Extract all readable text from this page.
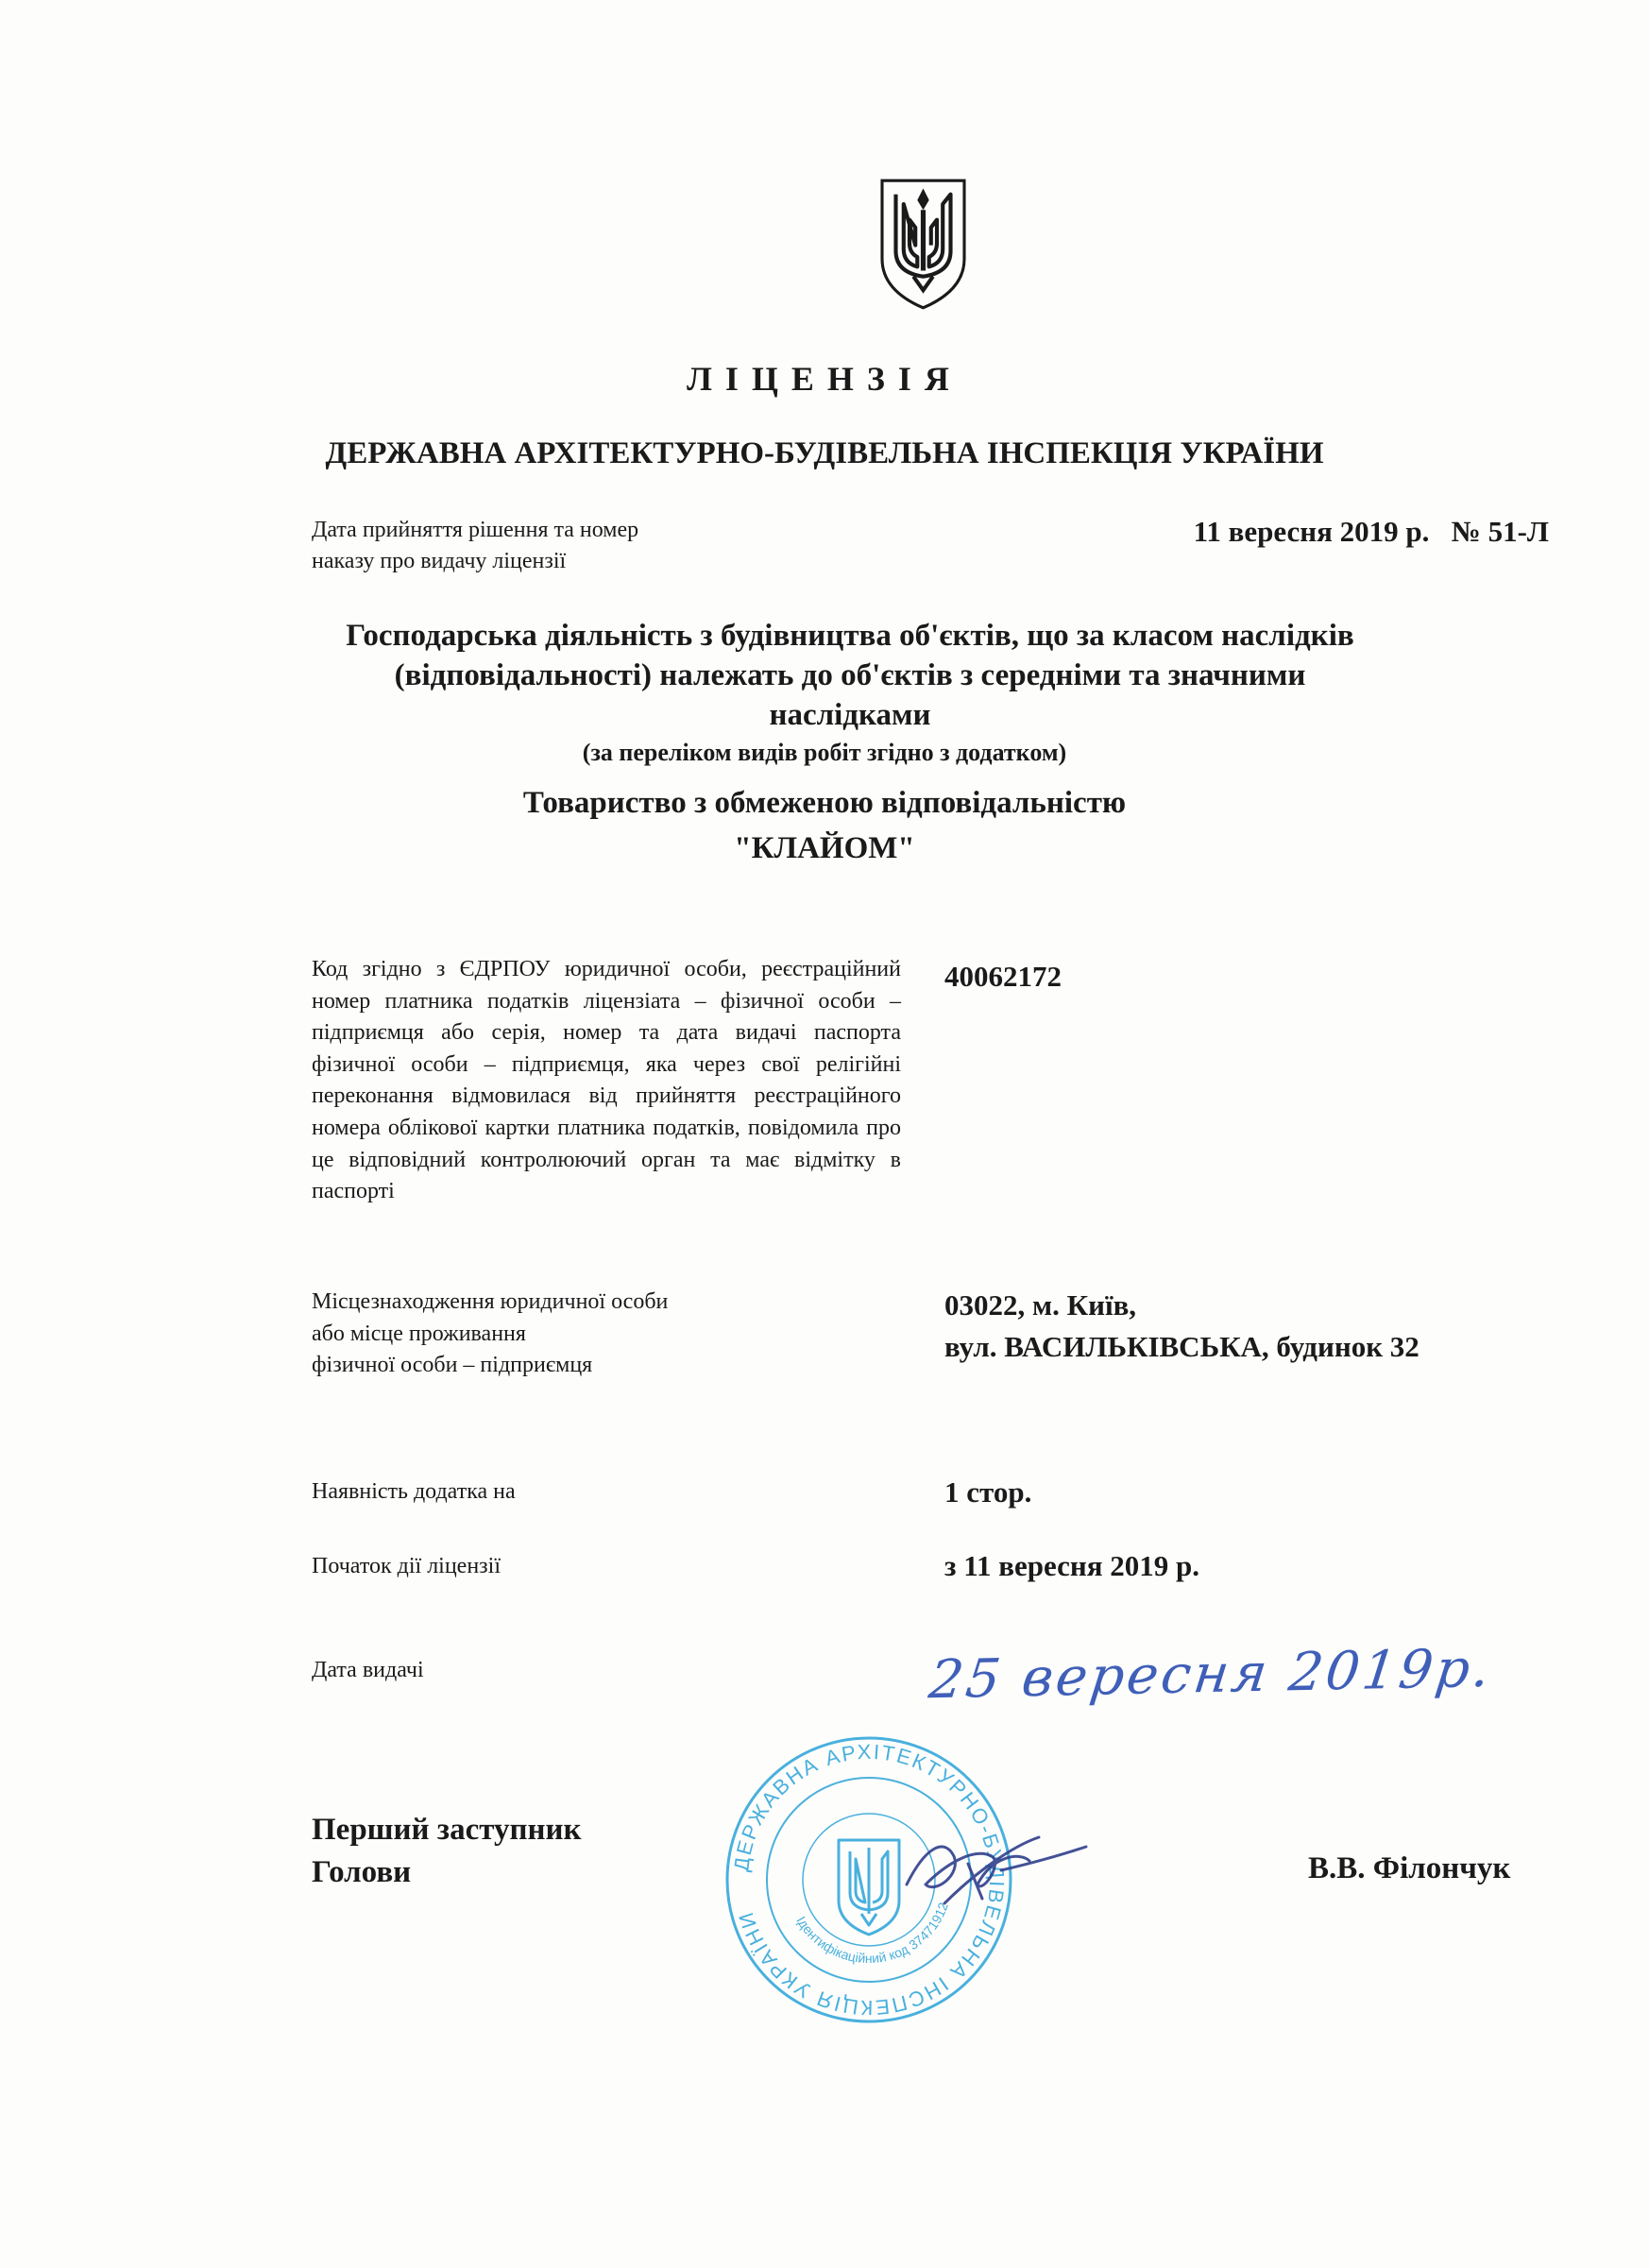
ЛІЦЕНЗІЯ
ДЕРЖАВНА АРХІТЕКТУРНО-БУДІВЕЛЬНА ІНСПЕКЦІЯ УКРАЇНИ
Дата прийняття рішення та номер
наказу про видачу ліцензії
11 вересня 2019 р. № 51-Л
Господарська діяльність з будівництва об'єктів, що за класом наслідків
(відповідальності) належать до об'єктів з середніми та значними
наслідками
(за переліком видів робіт згідно з додатком)
Товариство з обмеженою відповідальністю
"КЛАЙОМ"
Код згідно з ЄДРПОУ юридичної особи, реєстраційний номер платника податків ліцензіата – фізичної особи – підприємця або серія, номер та дата видачі паспорта фізичної особи – підприємця, яка через свої релігійні переконання відмовилася від прийняття реєстраційного номера облікової картки платника податків, повідомила про це відповідний контролюючий орган та має відмітку в паспорті
40062172
Місцезнаходження юридичної особи
або місце проживання
фізичної особи – підприємця
03022, м. Київ,
вул. ВАСИЛЬКІВСЬКА, будинок 32
Наявність додатка на	1 стор.
Початок дії ліцензії	з 11 вересня 2019 р.
Дата видачі	25 вересня 2019р.
ДЕРЖАВНА АРХІТЕКТУРНО-БУДІВЕЛЬНА ІНСПЕКЦІЯ УКРАЇНИ	Ідентифікаційний код 37471912
Перший заступник
Голови	В.В. Філончук
